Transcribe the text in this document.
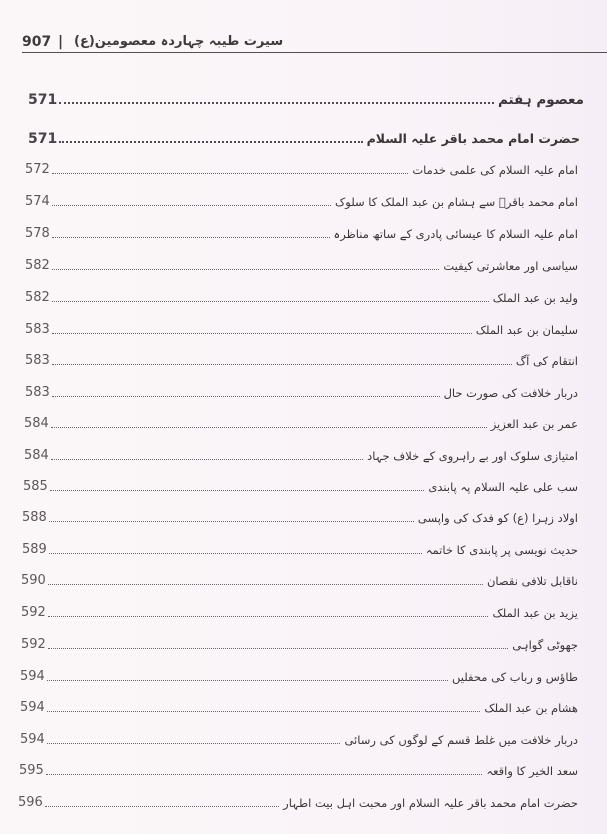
907 | سیرت طیبہ چہاردہ معصومین(ع)
571	معصوم ہفتم
571	حضرت امام محمد باقر علیہ السلام
572	امام علیہ السلام کی علمی خدمات
574	امام محمد باقرؑ سے ہشام بن عبد الملک کا سلوک
578	امام علیہ السلام کا عیسائی پادری کے ساتھ مناظرہ
582	سیاسی اور معاشرتی کیفیت
582	ولید بن عبد الملک
583	سلیمان بن عبد الملک
583	انتقام کی آگ
583	دربار خلافت کی صورت حال
584	عمر بن عبد العزیز
584	امتیازی سلوک اور بے راہروی کے خلاف جہاد
585	سب علی علیہ السلام پہ پابندی
588	اولاد زہرا (ع) کو فدک کی واپسی
589	حدیث نویسی پر پابندی کا خاتمہ
590	ناقابل تلافی نقصان
592	یزید بن عبد الملک
592	جھوٹی گواہی
594	طاؤس و رباب کی محفلیں
594	ھشام بن عبد الملک
594	دربار خلافت میں غلط قسم کے لوگوں کی رسائی
595	سعد الخیر کا واقعہ
596	حضرت امام محمد باقر علیہ السلام اور محبت اہل بیت اطہار
